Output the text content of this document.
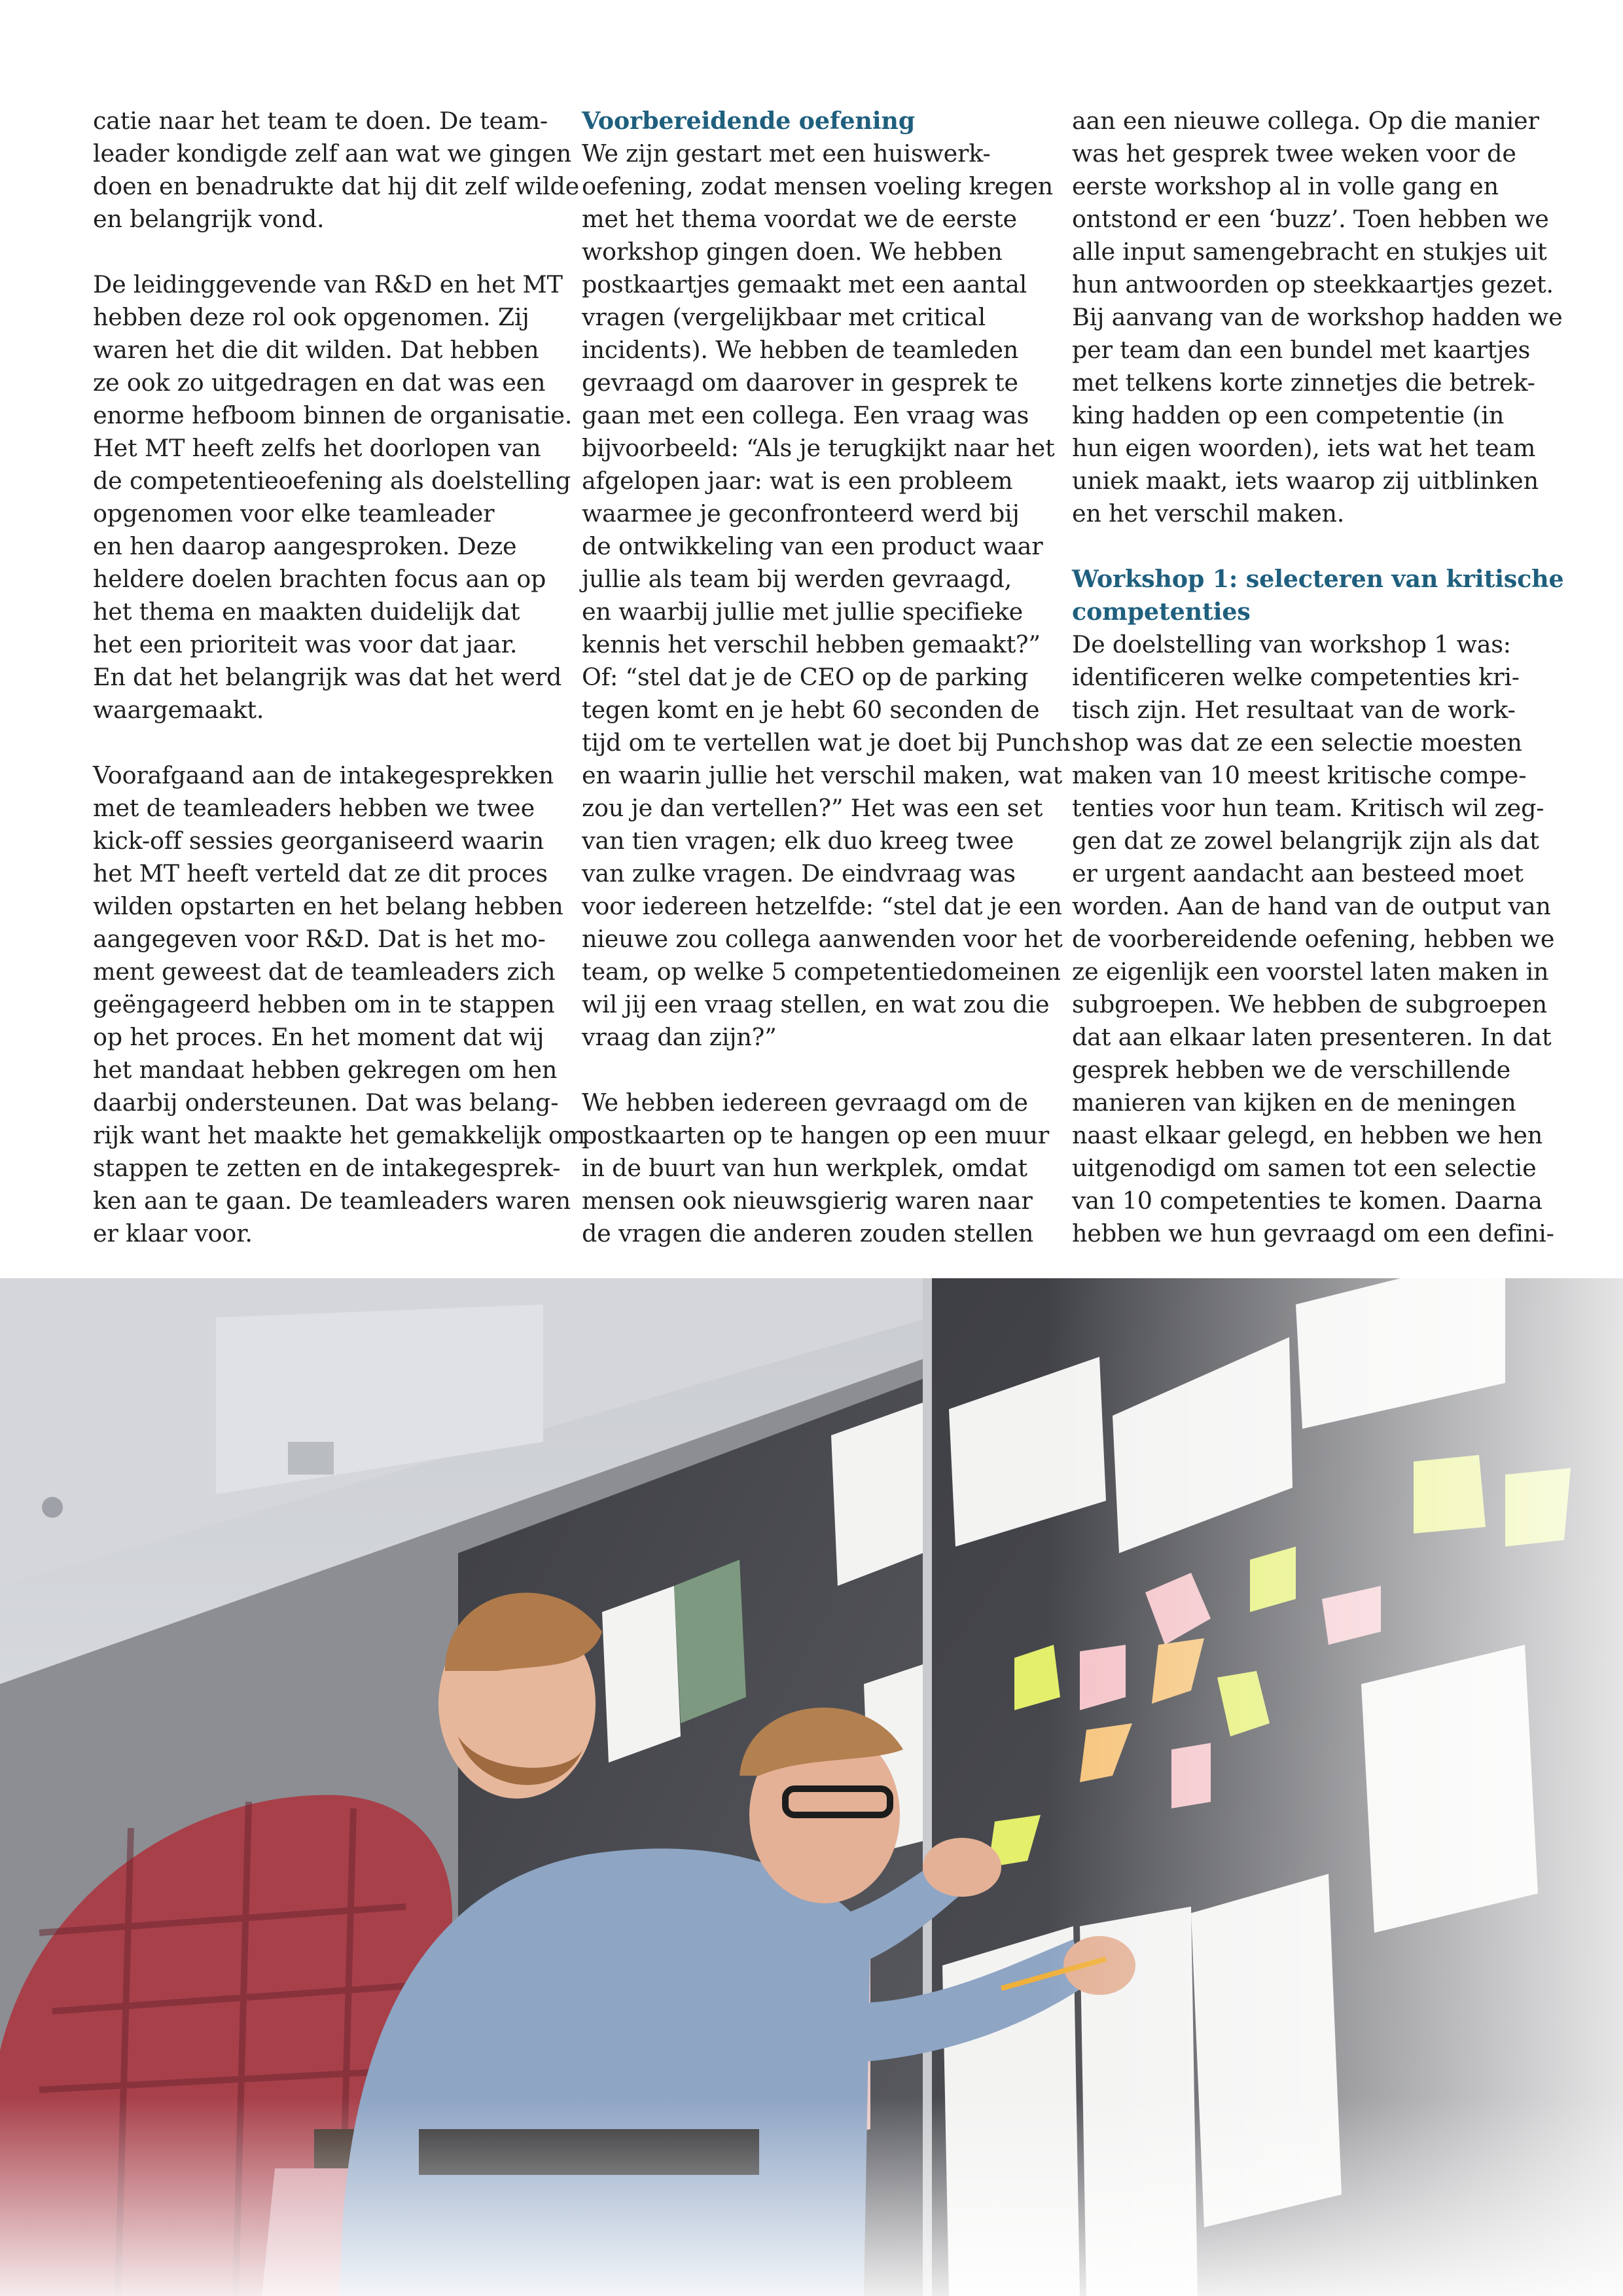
catie naar het team te doen. De team-
leader kondigde zelf aan wat we gingen
doen en benadrukte dat hij dit zelf wilde
en belangrijk vond.
De leidinggevende van R&D en het MT
hebben deze rol ook opgenomen. Zij
waren het die dit wilden. Dat hebben
ze ook zo uitgedragen en dat was een
enorme hefboom binnen de organisatie.
Het MT heeft zelfs het doorlopen van
de competentieoefening als doelstelling
opgenomen voor elke teamleader
en hen daarop aangesproken. Deze
heldere doelen brachten focus aan op
het thema en maakten duidelijk dat
het een prioriteit was voor dat jaar.
En dat het belangrijk was dat het werd
waargemaakt.
Voorafgaand aan de intakegesprekken
met de teamleaders hebben we twee
kick-off sessies georganiseerd waarin
het MT heeft verteld dat ze dit proces
wilden opstarten en het belang hebben
aangegeven voor R&D. Dat is het mo-
ment geweest dat de teamleaders zich
geëngageerd hebben om in te stappen
op het proces. En het moment dat wij
het mandaat hebben gekregen om hen
daarbij ondersteunen. Dat was belang-
rijk want het maakte het gemakkelijk om
stappen te zetten en de intakegesprek-
ken aan te gaan. De teamleaders waren
er klaar voor.
Voorbereidende oefening
We zijn gestart met een huiswerk-
oefening, zodat mensen voeling kregen
met het thema voordat we de eerste
workshop gingen doen. We hebben
postkaartjes gemaakt met een aantal
vragen (vergelijkbaar met critical
incidents). We hebben de teamleden
gevraagd om daarover in gesprek te
gaan met een collega. Een vraag was
bijvoorbeeld: “Als je terugkijkt naar het
afgelopen jaar: wat is een probleem
waarmee je geconfronteerd werd bij
de ontwikkeling van een product waar
jullie als team bij werden gevraagd,
en waarbij jullie met jullie specifieke
kennis het verschil hebben gemaakt?”
Of: “stel dat je de CEO op de parking
tegen komt en je hebt 60 seconden de
tijd om te vertellen wat je doet bij Punch
en waarin jullie het verschil maken, wat
zou je dan vertellen?” Het was een set
van tien vragen; elk duo kreeg twee
van zulke vragen. De eindvraag was
voor iedereen hetzelfde: “stel dat je een
nieuwe zou collega aanwenden voor het
team, op welke 5 competentiedomeinen
wil jij een vraag stellen, en wat zou die
vraag dan zijn?”
We hebben iedereen gevraagd om de
postkaarten op te hangen op een muur
in de buurt van hun werkplek, omdat
mensen ook nieuwsgierig waren naar
de vragen die anderen zouden stellen
aan een nieuwe collega. Op die manier
was het gesprek twee weken voor de
eerste workshop al in volle gang en
ontstond er een ‘buzz’. Toen hebben we
alle input samengebracht en stukjes uit
hun antwoorden op steekkaartjes gezet.
Bij aanvang van de workshop hadden we
per team dan een bundel met kaartjes
met telkens korte zinnetjes die betrek-
king hadden op een competentie (in
hun eigen woorden), iets wat het team
uniek maakt, iets waarop zij uitblinken
en het verschil maken.
Workshop 1: selecteren van kritische
competenties
De doelstelling van workshop 1 was:
identificeren welke competenties kri-
tisch zijn. Het resultaat van de work-
shop was dat ze een selectie moesten
maken van 10 meest kritische compe-
tenties voor hun team. Kritisch wil zeg-
gen dat ze zowel belangrijk zijn als dat
er urgent aandacht aan besteed moet
worden. Aan de hand van de output van
de voorbereidende oefening, hebben we
ze eigenlijk een voorstel laten maken in
subgroepen. We hebben de subgroepen
dat aan elkaar laten presenteren. In dat
gesprek hebben we de verschillende
manieren van kijken en de meningen
naast elkaar gelegd, en hebben we hen
uitgenodigd om samen tot een selectie
van 10 competenties te komen. Daarna
hebben we hun gevraagd om een defini-
